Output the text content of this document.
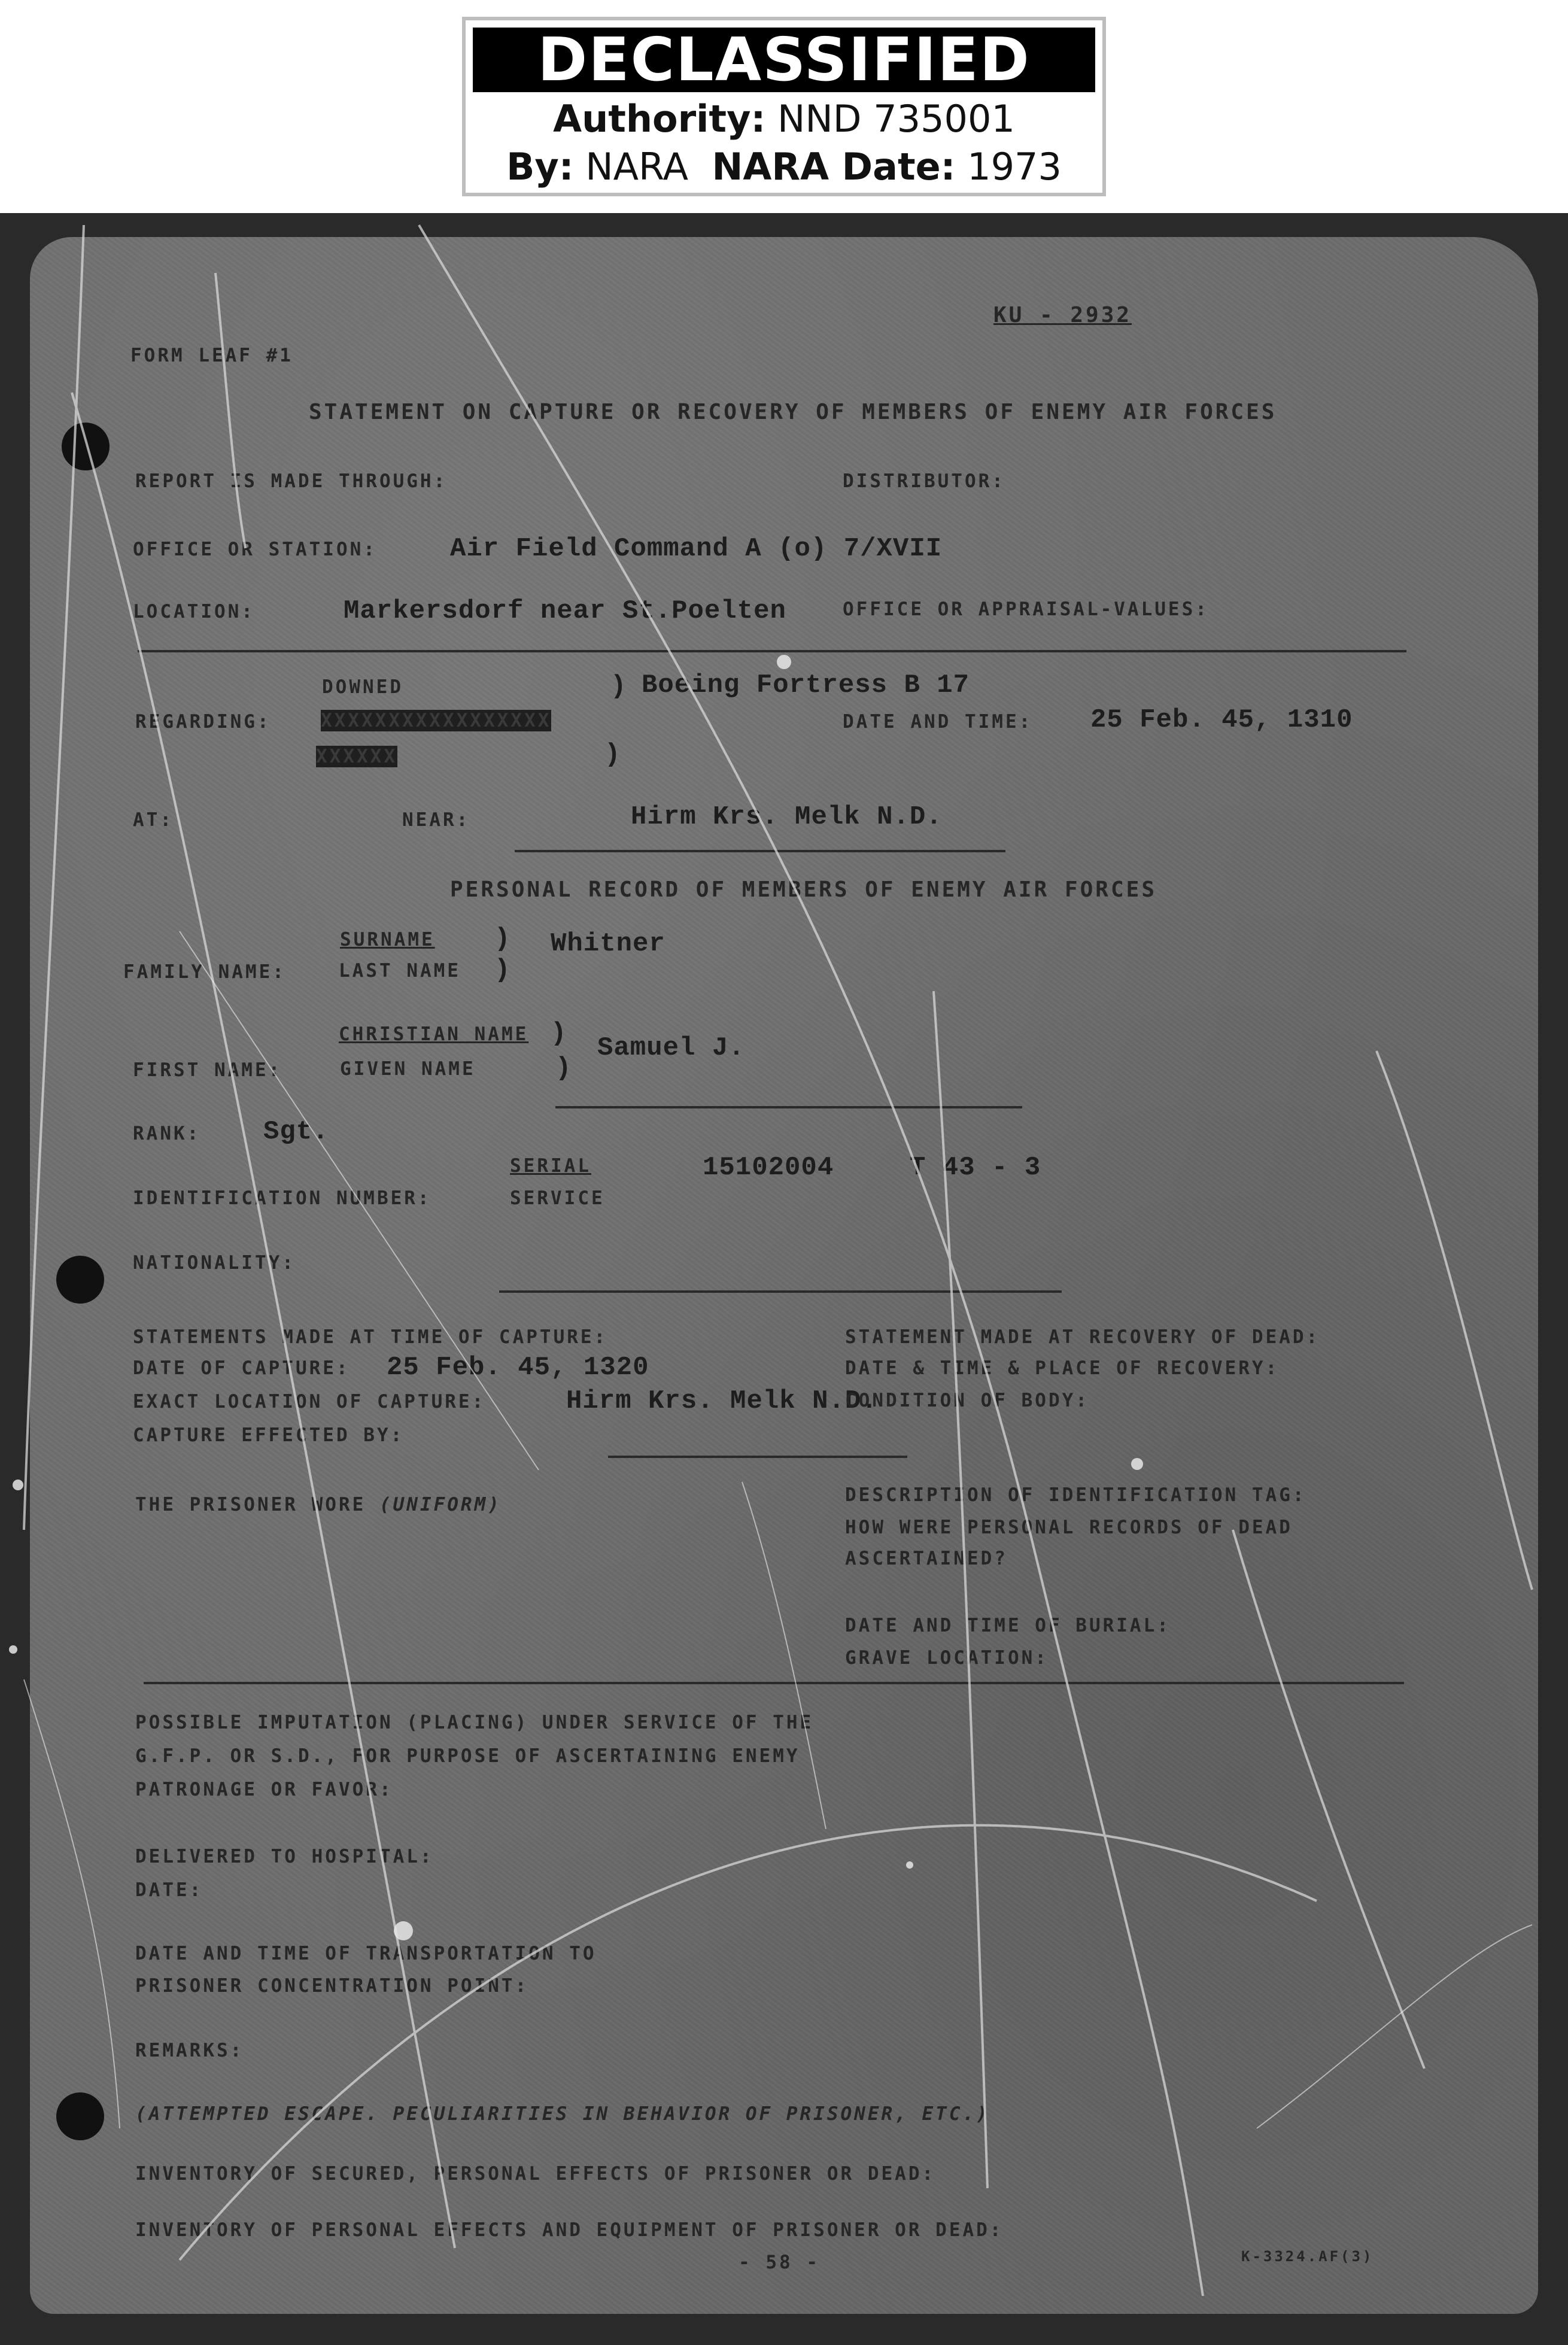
DECLASSIFIED
Authority: NND 735001
By: NARA NARA Date: 1973
KU - 2932
FORM LEAF #1
STATEMENT ON CAPTURE OR RECOVERY OF MEMBERS OF ENEMY AIR FORCES
REPORT IS MADE THROUGH:	DISTRIBUTOR:
OFFICE OR STATION:	Air Field Command A (o) 7/XVII
LOCATION:	Markersdorf near St.Poelten	OFFICE OR APPRAISAL-VALUES:
DOWNED	) Boeing Fortress B 17
REGARDING:	XXXXXXXXXXXXXXXXX	DATE AND TIME: 25 Feb. 45, 1310
XXXXXX	)
AT:	NEAR:	Hirm Krs. Melk N.D.
PERSONAL RECORD OF MEMBERS OF ENEMY AIR FORCES
SURNAME ) Whitner
FAMILY NAME:	LAST NAME )
CHRISTIAN NAME ) Samuel J.
FIRST NAME:	GIVEN NAME	)
RANK: Sgt.
SERIAL	15102004	T 43 - 3
IDENTIFICATION NUMBER:	SERVICE
NATIONALITY:
STATEMENTS MADE AT TIME OF CAPTURE:
DATE OF CAPTURE: 25 Feb. 45, 1320
EXACT LOCATION OF CAPTURE:	Hirm Krs. Melk N.D.
CAPTURE EFFECTED BY:
THE PRISONER WORE (UNIFORM)
STATEMENT MADE AT RECOVERY OF DEAD:
DATE & TIME & PLACE OF RECOVERY:
CONDITION OF BODY:
DESCRIPTION OF IDENTIFICATION TAG:
HOW WERE PERSONAL RECORDS OF DEAD
ASCERTAINED?
DATE AND TIME OF BURIAL:
GRAVE LOCATION:
POSSIBLE IMPUTATION (PLACING) UNDER SERVICE OF THE
G.F.P. OR S.D., FOR PURPOSE OF ASCERTAINING ENEMY
PATRONAGE OR FAVOR:
DELIVERED TO HOSPITAL:
DATE:
DATE AND TIME OF TRANSPORTATION TO
PRISONER CONCENTRATION POINT:
REMARKS:
(ATTEMPTED ESCAPE. PECULIARITIES IN BEHAVIOR OF PRISONER, ETC.)
INVENTORY OF SECURED, PERSONAL EFFECTS OF PRISONER OR DEAD:
INVENTORY OF PERSONAL EFFECTS AND EQUIPMENT OF PRISONER OR DEAD:
- 58 -	K-3324.AF(3)
